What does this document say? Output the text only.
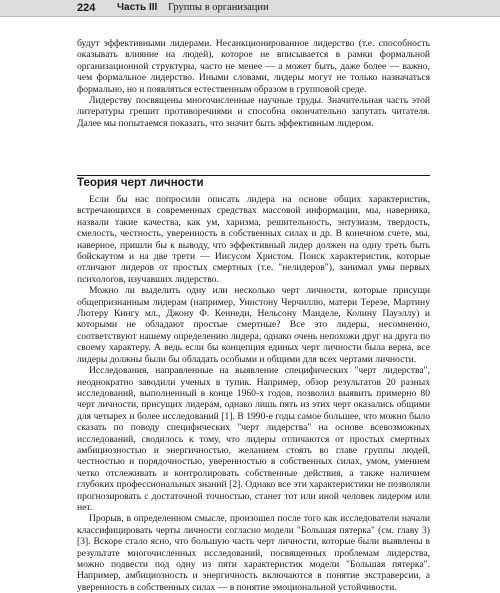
224 Часть III Группы в организации

будут эффективными лидерами. Несанкционированное лидерство (т.е. способность оказывать влияние на людей), которое не вписывается в рамки формальной организационной структуры, часто не менее — а может быть, даже более — важно, чем формальное лидерство. Иными словами, лидеры могут не только назначаться формально, но и появляться естественным образом в групповой среде.

Лидерству посвящены многочисленные научные труды. Значительная часть этой литературы грешит противоречиями и способна окончательно запутать читателя. Далее мы попытаемся показать, что значит быть эффективным лидером.

Теория черт личности

Если бы нас попросили описать лидера на основе общих характеристик, встречающихся в современных средствах массовой информации, мы, наверняка, назвали такие качества, как ум, харизма, решительность, энтузиазм, твердость, смелость, честность, уверенность в собственных силах и др. В конечном счете, мы, наверное, пришли бы к выводу, что эффективный лидер должен на одну треть быть бойскаутом и на две трети — Иисусом Христом. Поиск характеристик, которые отличают лидеров от простых смертных (т.е. "нелидеров"), занимал умы первых психологов, изучавших лидерство.

Можно ли выделить одну или несколько черт личности, которые присущи общепризнанным лидерам (например, Уинстону Черчиллю, матери Терезе, Мартину Лютеру Кингу мл., Джону Ф. Кеннеди, Нельсону Манделе, Колину Пауэллу) и которыми не обладают простые смертные? Все это лидеры, несомненно, соответствуют нашему определению лидера, однако очень непохожи друг на друга по своему характеру. А ведь если бы концепция единых черт личности была верна, все лидеры должны были бы обладать особыми и общими для всех чертами личности.

Исследования, направленные на выявление специфических "черт лидерства", неоднократно заводили ученых в тупик. Например, обзор результатов 20 разных исследований, выполненный в конце 1960-х годов, позволил выявить примерно 80 черт личности, присущих лидерам, однако лишь пять из этих черт оказались общими для четырех и более исследований [1]. В 1990-е годы самое большее, что можно было сказать по поводу специфических "черт лидерства" на основе всевозможных исследований, сводилось к тому, что лидеры отличаются от простых смертных амбициозностью и энергичностью, желанием стоять во главе группы людей, честностью и порядочностью, уверенностью в собственных силах, умом, умением четко отслеживать и контролировать собственные действия, а также наличием глубоких профессиональных знаний [2]. Однако все эти характеристики не позволяли прогнозировать с достаточной точностью, станет тот или иной человек лидером или нет.

Прорыв, в определенном смысле, произошел после того как исследователи начали классифицировать черты личности согласно модели "Большая пятерка" (см. главу 3) [3]. Вскоре стало ясно, что большую часть черт личности, которые были выявлены в результате многочисленных исследований, посвященных проблемам лидерства, можно подвести под одну из пяти характеристик модели "Большая пятерка". Например, амбициозность и энергичность включаются в понятие экстраверсии, а уверенность в собственных силах — в понятие эмоциональной устойчивости.
